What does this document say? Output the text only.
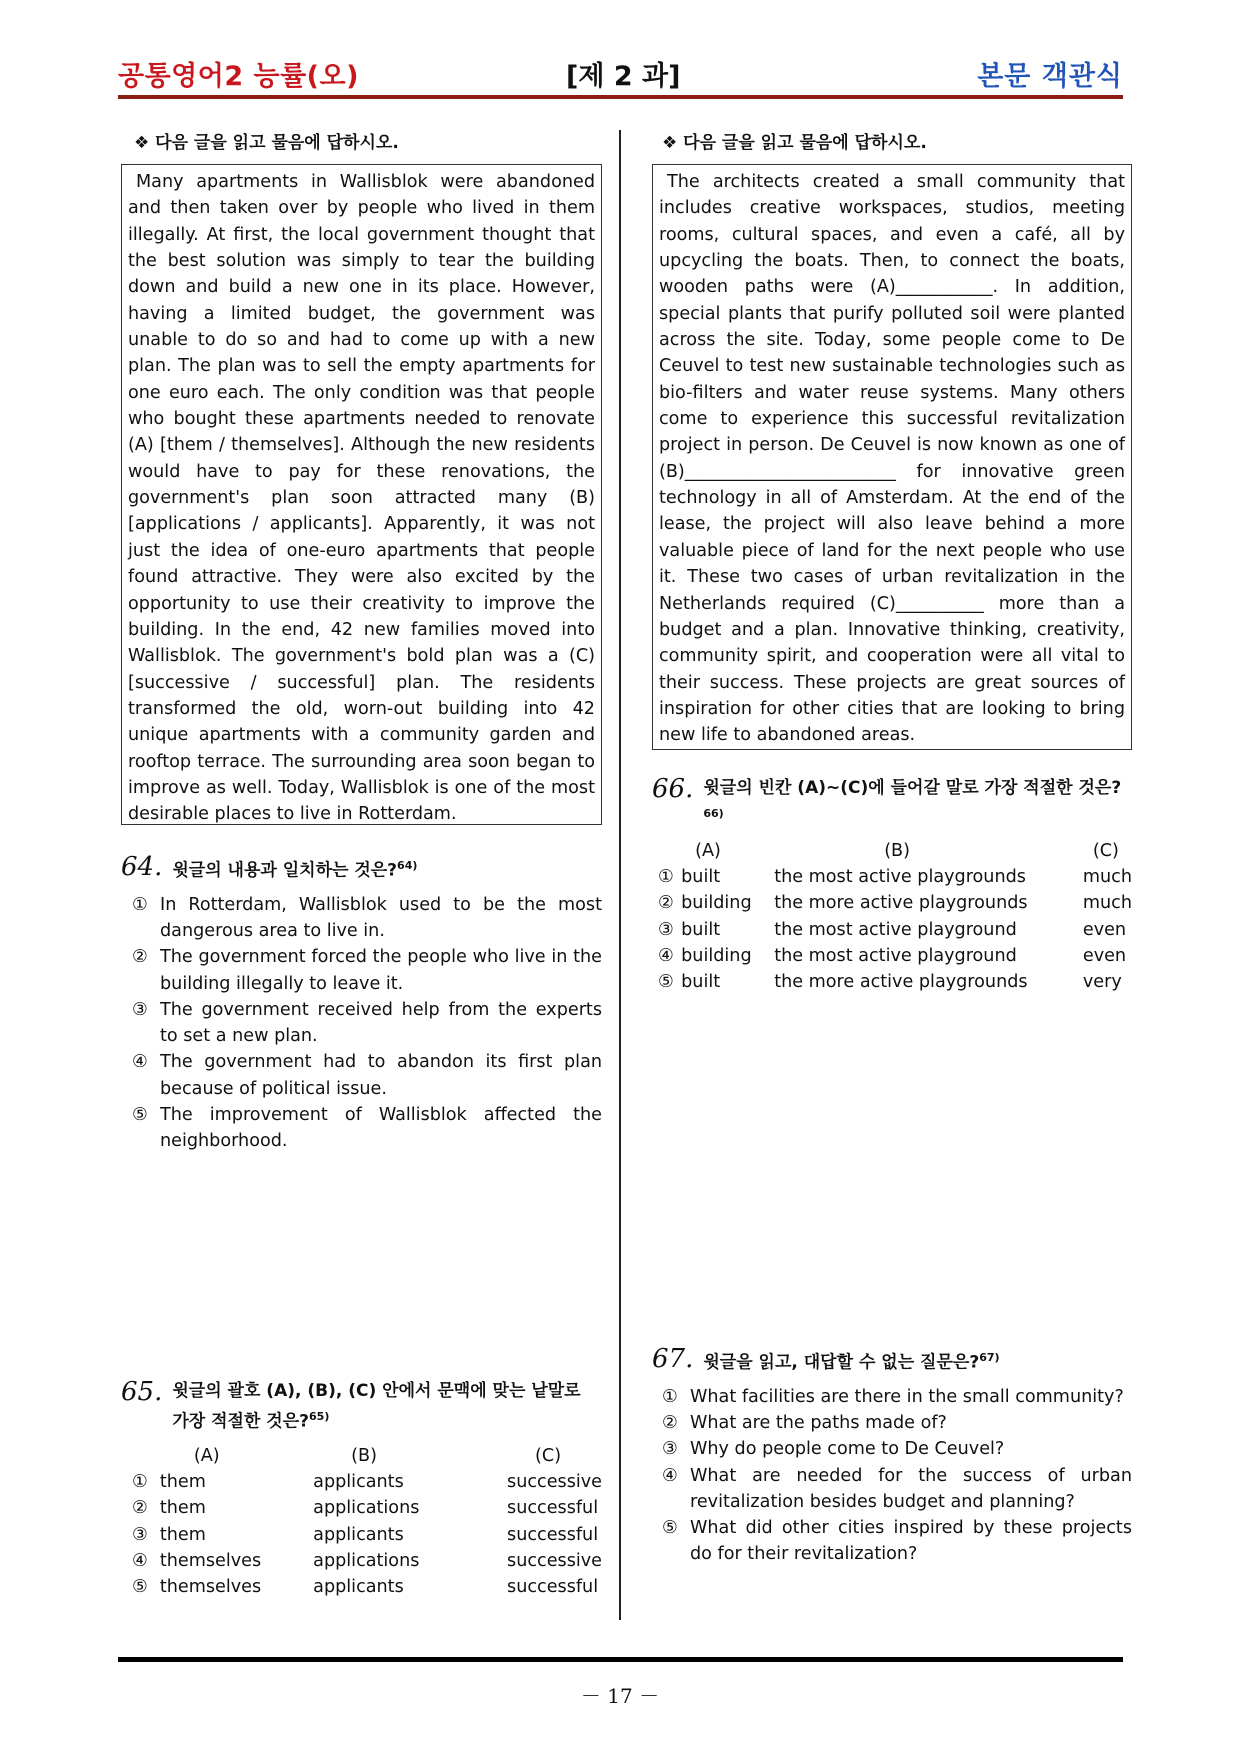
공통영어2 능률(오)	[제 2 과]	본문 객관식
❖ 다음 글을 읽고 물음에 답하시오.

Many apartments in Wallisblok were abandoned and then taken over by people who lived in them illegally. At first, the local government thought that the best solution was simply to tear the building down and build a new one in its place. However, having a limited budget, the government was unable to do so and had to come up with a new plan. The plan was to sell the empty apartments for one euro each. The only condition was that people who bought these apartments needed to renovate (A) [them / themselves]. Although the new residents would have to pay for these renovations, the government's plan soon attracted many (B) [applications / applicants]. Apparently, it was not just the idea of one-euro apartments that people found attractive. They were also excited by the opportunity to use their creativity to improve the building. In the end, 42 new families moved into Wallisblok. The government's bold plan was a (C) [successive / successful] plan. The residents transformed the old, worn-out building into 42 unique apartments with a community garden and rooftop terrace. The surrounding area soon began to improve as well. Today, Wallisblok is one of the most desirable places to live in Rotterdam.

64. 윗글의 내용과 일치하는 것은?$^{64)}$
① In Rotterdam, Wallisblok used to be the most dangerous area to live in.
② The government forced the people who live in the building illegally to leave it.
③ The government received help from the experts to set a new plan.
④ The government had to abandon its first plan because of political issue.
⑤ The improvement of Wallisblok affected the neighborhood.
65. 윗글의 괄호 (A), (B), (C) 안에서 문맥에 맞는 낱말로 가장 적절한 것은?$^{65)}$
	(A)	(B)	(C)
①	them	applicants	successive
②	them	applications	successful
③	them	applicants	successful
④	themselves	applications	successive
⑤	themselves	applicants	successful
❖ 다음 글을 읽고 물음에 답하시오.

The architects created a small community that includes creative workspaces, studios, meeting rooms, cultural spaces, and even a café, all by upcycling the boats. Then, to connect the boats, wooden paths were (A)___________. In addition, special plants that purify polluted soil were planted across the site. Today, some people come to De Ceuvel to test new sustainable technologies such as bio-filters and water reuse systems. Many others come to experience this successful revitalization project in person. De Ceuvel is now known as one of (B)________________________ for innovative green technology in all of Amsterdam. At the end of the lease, the project will also leave behind a more valuable piece of land for the next people who use it. These two cases of urban revitalization in the Netherlands required (C)__________ more than a budget and a plan. Innovative thinking, creativity, community spirit, and cooperation were all vital to their success. These projects are great sources of inspiration for other cities that are looking to bring new life to abandoned areas.

66. 윗글의 빈칸 (A)~(C)에 들어갈 말로 가장 적절한 것은?$^{66)}$
	(A)	(B)	(C)
①	built	the most active playgrounds	much
②	building	the more active playgrounds	much
③	built	the most active playground	even
④	building	the most active playground	even
⑤	built	the more active playgrounds	very
67. 윗글을 읽고, 대답할 수 없는 질문은?$^{67)}$
① What facilities are there in the small community?
② What are the paths made of?
③ Why do people come to De Ceuvel?
④ What are needed for the success of urban revitalization besides budget and planning?
⑤ What did other cities inspired by these projects do for their revitalization?
－ 17 －
